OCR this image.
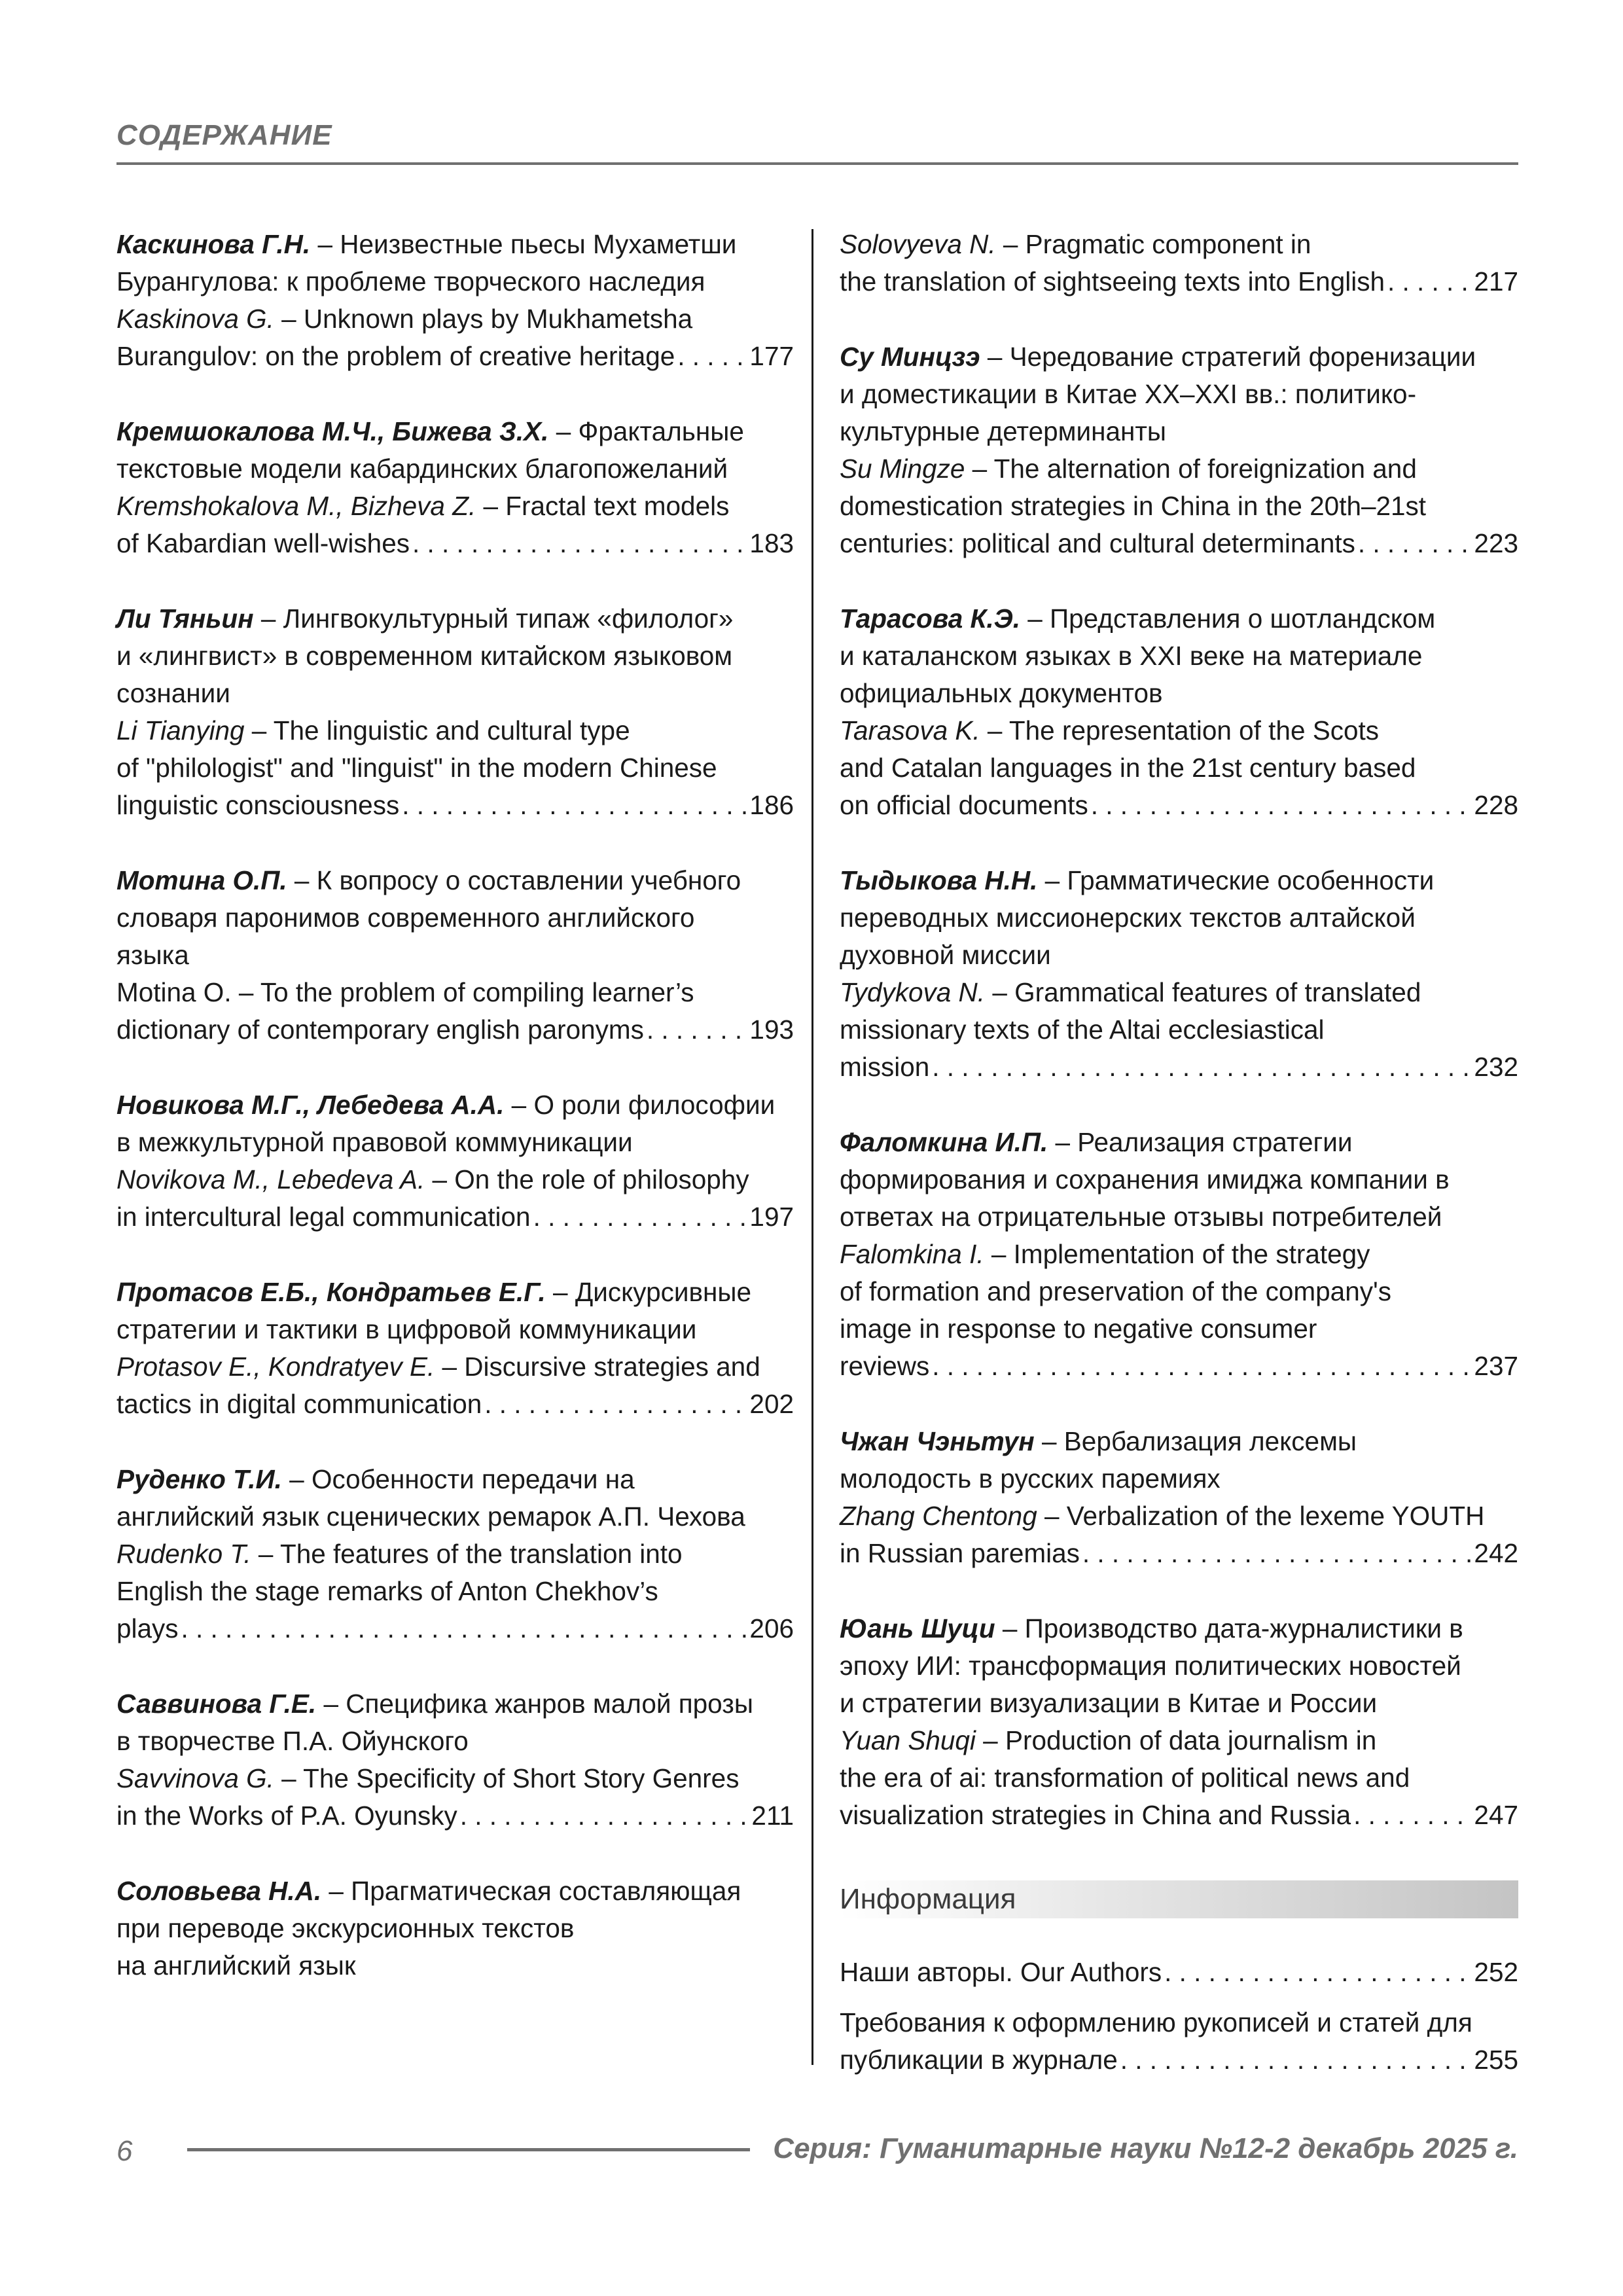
СОДЕРЖАНИЕ
Каскинова Г.Н. – Неизвестные пьесы Мухаметши
Бурангулова: к проблеме творческого наследия
Kaskinova G. – Unknown plays by Mukhametsha
Burangulov: on the problem of creative heritage . . .	177
Кремшокалова М.Ч., Бижева З.Х. – Фрактальные
текстовые модели кабардинских благопожеланий
Kremshokalova M., Bizheva Z. – Fractal text models
of Kabardian well-wishes . . .	183
Ли Тяньин – Лингвокультурный типаж «филолог»
и «лингвист» в современном китайском языковом
сознании
Li Tianying – The linguistic and cultural type
of "philologist" and "linguist" in the modern Chinese
linguistic consciousness . . .	186
Мотина О.П. – К вопросу о составлении учебного
словаря паронимов современного английского
языка
Motina O. – To the problem of compiling learner’s
dictionary of contemporary english paronyms . . .	193
Новикова М.Г., Лебедева А.А. – О роли философии
в межкультурной правовой коммуникации
Novikova M., Lebedeva A. – On the role of philosophy
in intercultural legal communication . . .	197
Протасов Е.Б., Кондратьев Е.Г. – Дискурсивные
стратегии и тактики в цифровой коммуникации
Protasov E., Kondratyev E. – Discursive strategies and
tactics in digital communication . . .	202
Руденко Т.И. – Особенности передачи на
английский язык сценических ремарок А.П. Чехова
Rudenko T. – The features of the translation into
English the stage remarks of Anton Chekhov’s
plays . . .	206
Саввинова Г.Е. – Специфика жанров малой прозы
в творчестве П.А. Ойунского
Savvinova G. – The Specificity of Short Story Genres
in the Works of P.A. Oyunsky . . .	211
Соловьева Н.А. – Прагматическая составляющая
при переводе экскурсионных текстов
на английский язык
Solovyeva N. – Pragmatic component in
the translation of sightseeing texts into English . . .	217
Су Минцзэ – Чередование стратегий форенизации
и доместикации в Китае XX–XXI вв.: политико-
культурные детерминанты
Su Mingze – The alternation of foreignization and
domestication strategies in China in the 20th–21st
centuries: political and cultural determinants . . .	223
Тарасова К.Э. – Представления о шотландском
и каталанском языках в XXI веке на материале
официальных документов
Tarasova K. – The representation of the Scots
and Catalan languages in the 21st century based
on official documents . . .	228
Тыдыкова Н.Н. – Грамматические особенности
переводных миссионерских текстов алтайской
духовной миссии
Tydykova N. – Grammatical features of translated
missionary texts of the Altai ecclesiastical
mission . . .	232
Фаломкина И.П. – Реализация стратегии
формирования и сохранения имиджа компании в
ответах на отрицательные отзывы потребителей
Falomkina I. – Implementation of the strategy
of formation and preservation of the company's
image in response to negative consumer
reviews . . .	237
Чжан Чэньтун – Вербализация лексемы
молодость в русских паремиях
Zhang Chentong – Verbalization of the lexeme YOUTH
in Russian paremias . . .	242
Юань Шуци – Производство дата-журналистики в
эпоху ИИ: трансформация политических новостей
и стратегии визуализации в Китае и России
Yuan Shuqi – Production of data journalism in
the era of ai: transformation of political news and
visualization strategies in China and Russia . . .	247
Информация
Наши авторы. Our Authors . . .	252
Требования к оформлению рукописей и статей для
публикации в журнале . . .	255
6	Серия: Гуманитарные науки №12-2 декабрь 2025 г.
